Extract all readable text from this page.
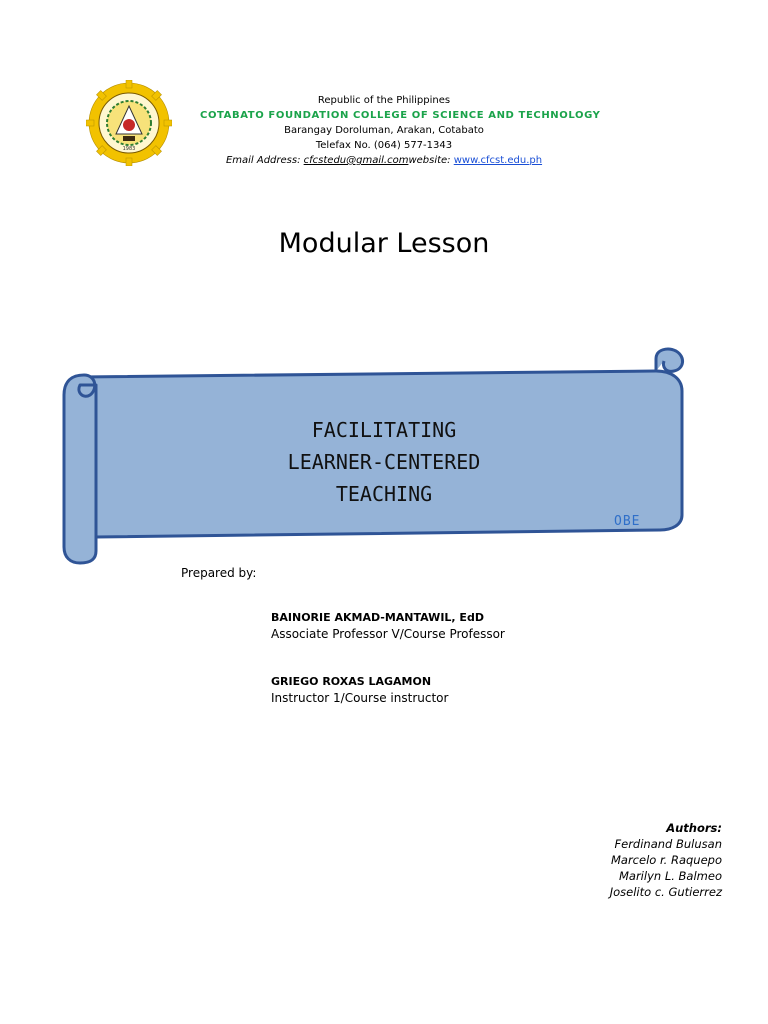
1983
Republic of the Philippines
COTABATO FOUNDATION COLLEGE OF SCIENCE AND TECHNOLOGY
Barangay Doroluman, Arakan, Cotabato
Telefax No. (064) 577-1343
Email Address: cfcstedu@gmail.comwebsite: www.cfcst.edu.ph
Modular Lesson
FACILITATING
LEARNER-CENTERED
TEACHING
OBE
Prepared by:
BAINORIE AKMAD-MANTAWIL, EdD
Associate Professor V/Course Professor
GRIEGO ROXAS LAGAMON
Instructor 1/Course instructor
Authors:
Ferdinand Bulusan
Marcelo r. Raquepo
Marilyn L. Balmeo
Joselito c. Gutierrez
